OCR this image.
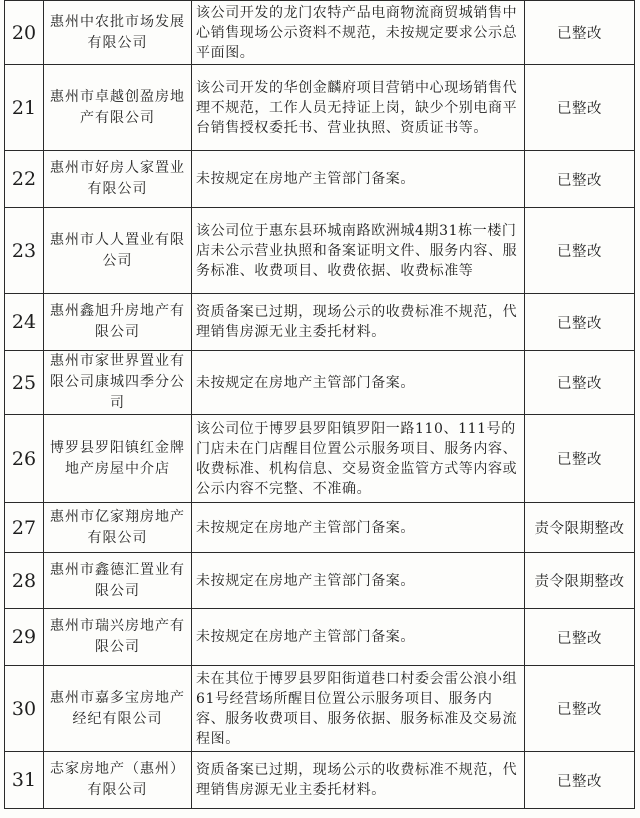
20	惠州中农批市场发展有限公司	该公司开发的龙门农特产品电商物流商贸城销售中心销售现场公示资料不规范，未按规定要求公示总平面图。	已整改
21	惠州市卓越创盈房地产有限公司	该公司开发的华创金麟府项目营销中心现场销售代理不规范，工作人员无持证上岗，缺少个别电商平台销售授权委托书、营业执照、资质证书等。	已整改
22	惠州市好房人家置业有限公司	未按规定在房地产主管部门备案。	已整改
23	惠州市人人置业有限公司	该公司位于惠东县环城南路欧洲城4期31栋一楼门店未公示营业执照和备案证明文件、服务内容、服务标准、收费项目、收费依据、收费标准等	已整改
24	惠州鑫旭升房地产有限公司	资质备案已过期，现场公示的收费标准不规范，代理销售房源无业主委托材料。	已整改
25	惠州市家世界置业有限公司康城四季分公司	未按规定在房地产主管部门备案。	已整改
26	博罗县罗阳镇红金牌地产房屋中介店	该公司位于博罗县罗阳镇罗阳一路110、111号的门店未在门店醒目位置公示服务项目、服务内容、收费标准、机构信息、交易资金监管方式等内容或公示内容不完整、不准确。	已整改
27	惠州市亿家翔房地产有限公司	未按规定在房地产主管部门备案。	责令限期整改
28	惠州市鑫德汇置业有限公司	未按规定在房地产主管部门备案。	责令限期整改
29	惠州市瑞兴房地产有限公司	未按规定在房地产主管部门备案。	已整改
30	惠州市嘉多宝房地产经纪有限公司	未在其位于博罗县罗阳街道巷口村委会雷公浪小组61号经营场所醒目位置公示服务项目、服务内容、服务收费项目、服务依据、服务标准及交易流程图。	已整改
31	志家房地产（惠州）有限公司	资质备案已过期，现场公示的收费标准不规范，代理销售房源无业主委托材料。	已整改
